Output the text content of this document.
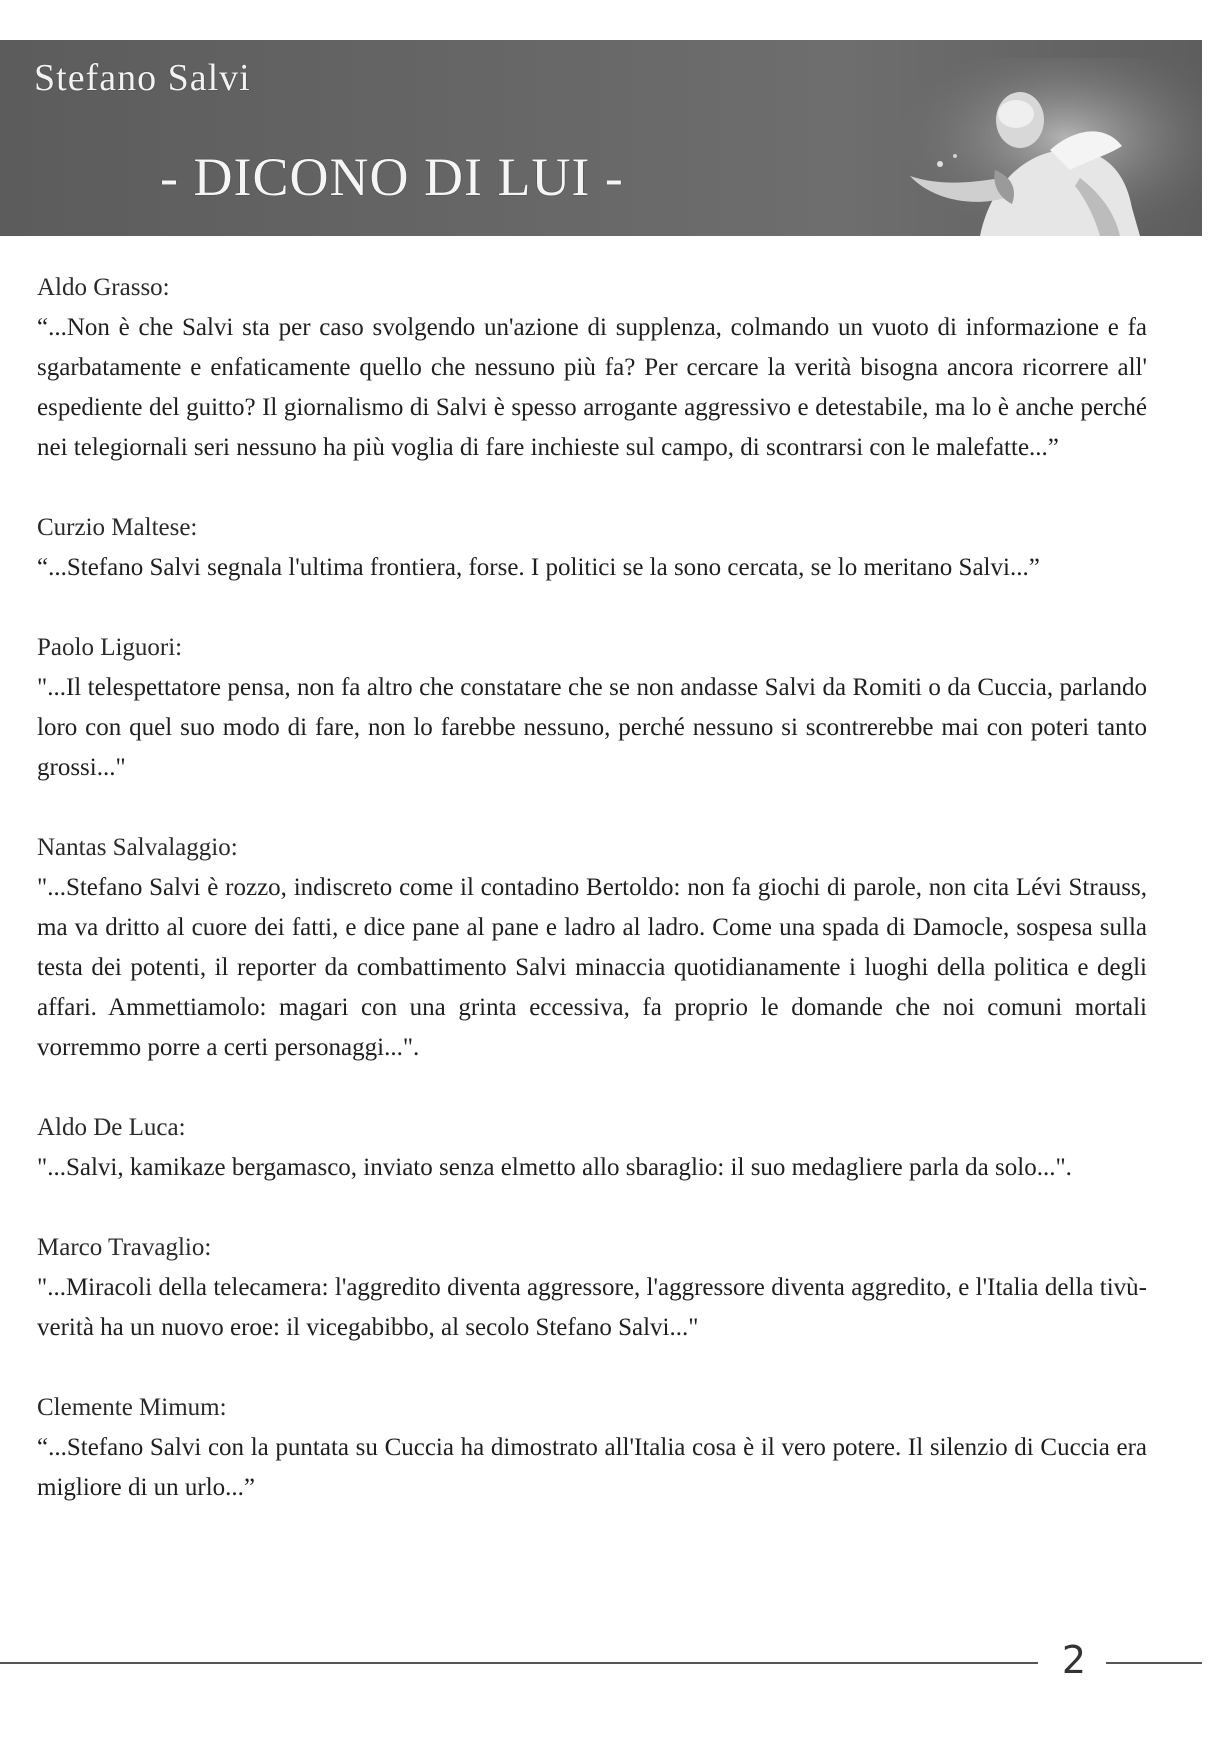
Stefano Salvi
- DICONO DI LUI -
Aldo Grasso:
“...Non è che Salvi sta per caso svolgendo un'azione di supplenza, colmando un vuoto di informazione e fa sgarbatamente e enfaticamente quello che nessuno più fa? Per cercare la verità bisogna ancora ricorrere all' espediente del guitto? Il giornalismo di Salvi è spesso arrogante aggressivo e detestabile, ma lo è anche perché nei telegiornali seri nessuno ha più voglia di fare inchieste sul campo, di scontrarsi con le malefatte...”
Curzio Maltese:
“...Stefano Salvi segnala l'ultima frontiera, forse. I politici se la sono cercata, se lo meritano Salvi...”
Paolo Liguori:
"...Il telespettatore pensa, non fa altro che constatare che se non andasse Salvi da Romiti o da Cuccia, parlando loro con quel suo modo di fare, non lo farebbe nessuno, perché nessuno si scontrerebbe mai con poteri tanto grossi..."
Nantas Salvalaggio:
"...Stefano Salvi è rozzo, indiscreto come il contadino Bertoldo: non fa giochi di parole, non cita Lévi Strauss, ma va dritto al cuore dei fatti, e dice pane al pane e ladro al ladro. Come una spada di Damocle, sospesa sulla testa dei potenti, il reporter da combattimento Salvi minaccia quotidianamente i luoghi della politica e degli affari. Ammettiamolo: magari con una grinta eccessiva, fa proprio le domande che noi comuni mortali vorremmo porre a certi personaggi...".
Aldo De Luca:
"...Salvi, kamikaze bergamasco, inviato senza elmetto allo sbaraglio: il suo medagliere parla da solo...".
Marco Travaglio:
"...Miracoli della telecamera: l'aggredito diventa aggressore, l'aggressore diventa aggredito, e l'Italia della tivù-verità ha un nuovo eroe: il vicegabibbo, al secolo Stefano Salvi..."
Clemente Mimum:
“...Stefano Salvi con la puntata su Cuccia ha dimostrato all'Italia cosa è il vero potere. Il silenzio di Cuccia era migliore di un urlo...”
2
